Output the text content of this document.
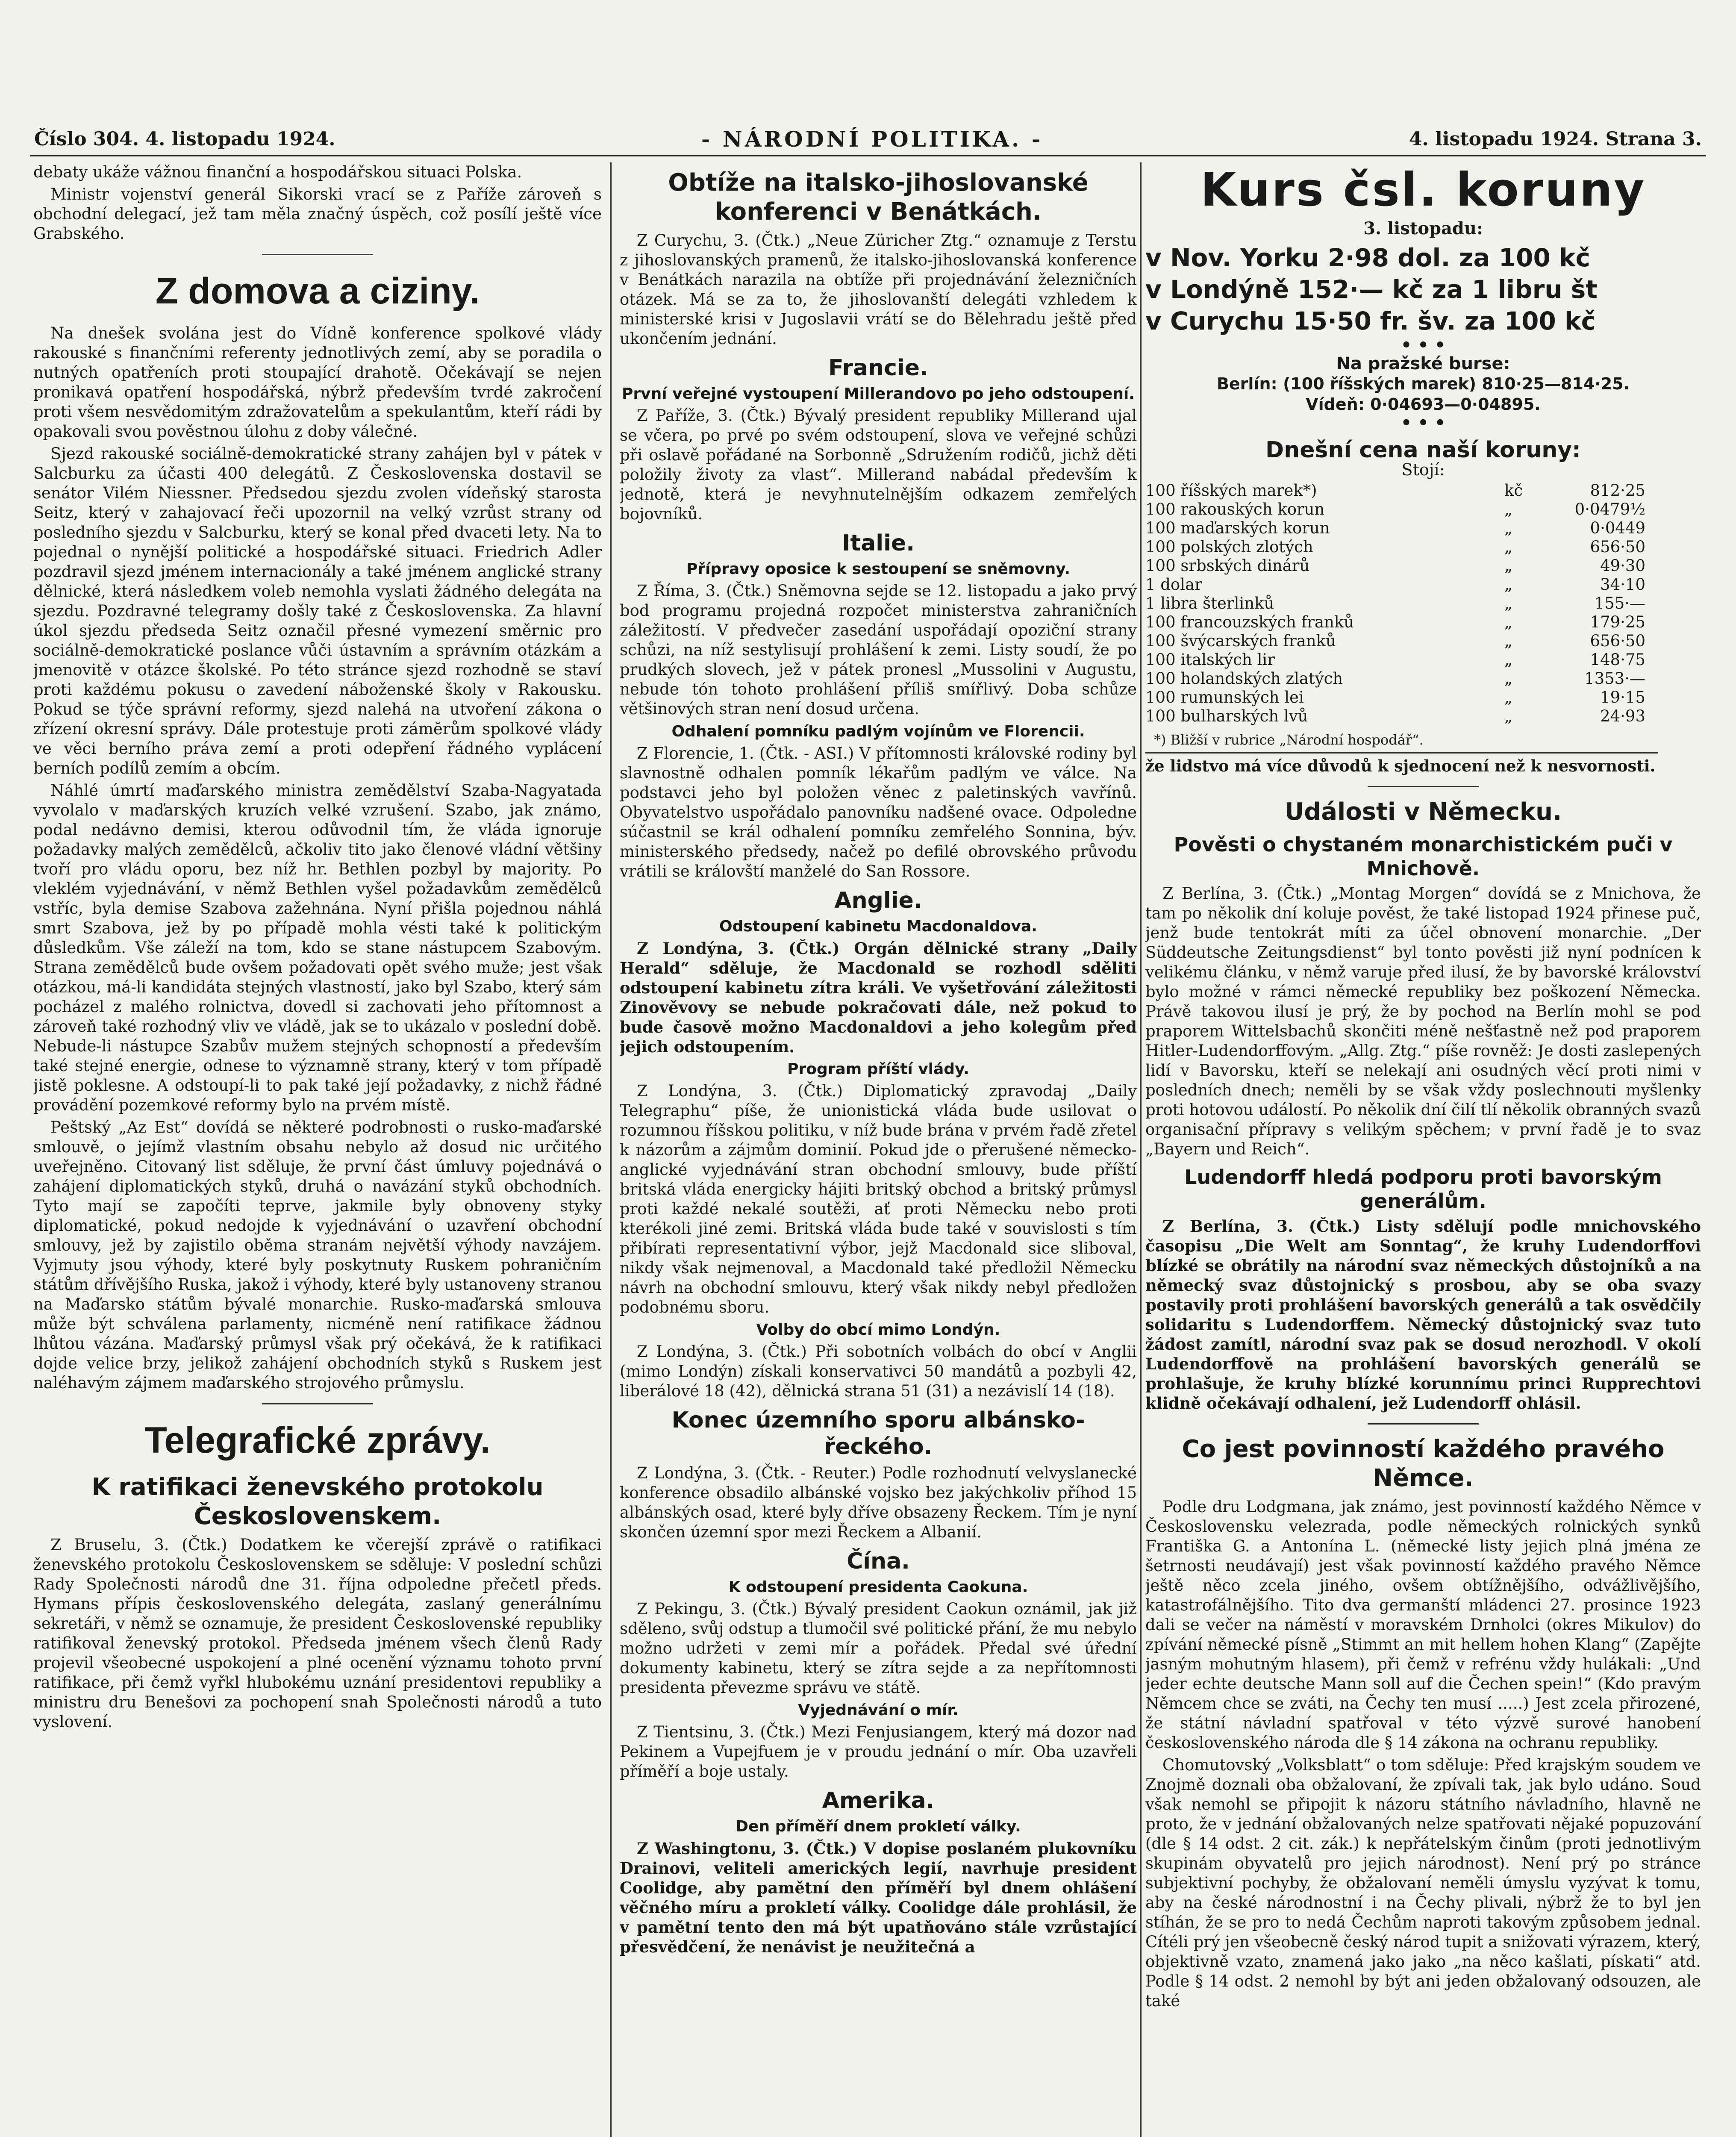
Číslo 304. 4. listopadu 1924.	- NÁRODNÍ POLITIKA. -	4. listopadu 1924. Strana 3.

debaty ukáže vážnou finanční a hospodářskou situaci Polska.

Ministr vojenství generál Sikorski vrací se z Paříže zároveň s obchodní delegací, jež tam měla značný úspěch, což posílí ještě více Grabského.

Z domova a ciziny.

Na dnešek svolána jest do Vídně konference spolkové vlády rakouské s finančními referenty jednotlivých zemí, aby se poradila o nutných opatřeních proti stoupající drahotě. Očekávají se nejen pronikavá opatření hospodářská, nýbrž především tvrdé zakročení proti všem nesvědomitým zdražovatelům a spekulantům, kteří rádi by opakovali svou pověstnou úlohu z doby válečné.

Sjezd rakouské sociálně-demokratické strany zahájen byl v pátek v Salcburku za účasti 400 delegátů. Z Československa dostavil se senátor Vilém Niessner. Předsedou sjezdu zvolen vídeňský starosta Seitz, který v zahajovací řeči upozornil na velký vzrůst strany od posledního sjezdu v Salcburku, který se konal před dvaceti lety. Na to pojednal o nynější politické a hospodářské situaci. Friedrich Adler pozdravil sjezd jménem internacionály a také jménem anglické strany dělnické, která následkem voleb nemohla vyslati žádného delegáta na sjezdu. Pozdravné telegramy došly také z Československa. Za hlavní úkol sjezdu předseda Seitz označil přesné vymezení směrnic pro sociálně-demokratické poslance vůči ústavním a správním otázkám a jmenovitě v otázce školské. Po této stránce sjezd rozhodně se staví proti každému pokusu o zavedení náboženské školy v Rakousku. Pokud se týče správní reformy, sjezd nalehá na utvoření zákona o zřízení okresní správy. Dále protestuje proti zámĕrům spolkové vlády ve věci berního práva zemí a proti odepření řádného vyplácení berních podílů zemím a obcím.

Náhlé úmrtí maďarského ministra zemědělství Szaba-Nagyatada vyvolalo v maďarských kruzích velké vzrušení. Szabo, jak známo, podal nedávno demisi, kterou odůvodnil tím, že vláda ignoruje požadavky malých zemědělců, ačkoliv tito jako členové vládní většiny tvoří pro vládu oporu, bez níž hr. Bethlen pozbyl by majority. Po vleklém vyjednávání, v němž Bethlen vyšel požadavkům zemědělců vstříc, byla demise Szabova zažehnána. Nyní přišla pojednou náhlá smrt Szabova, jež by po případě mohla vésti také k politickým důsledkům. Vše záleží na tom, kdo se stane nástupcem Szabovým. Strana zemědělců bude ovšem požadovati opět svého muže; jest však otázkou, má-li kandidáta stejných vlastností, jako byl Szabo, který sám pocházel z malého rolnictva, dovedl si zachovati jeho přítomnost a zároveň také rozhodný vliv ve vládě, jak se to ukázalo v poslední době. Nebude-li nástupce Szabův mužem stejných schopností a především také stejné energie, odnese to významně strany, který v tom případě jistě poklesne. A odstoupí-li to pak také její požadavky, z nichž řádné provádění pozemkové reformy bylo na prvém místě.

Peštský „Az Est“ dovídá se některé podrobnosti o rusko-maďarské smlouvě, o jejímž vlastním obsahu nebylo až dosud nic určitého uveřejněno. Citovaný list sděluje, že první část úmluvy pojednává o zahájení diplomatických styků, druhá o navázání styků obchodních. Tyto mají se započíti teprve, jakmile byly obnoveny styky diplomatické, pokud nedojde k vyjednávání o uzavření obchodní smlouvy, jež by zajistilo oběma stranám největší výhody navzájem. Vyjmuty jsou výhody, které byly poskytnuty Ruskem pohraničním státům dřívějšího Ruska, jakož i výhody, které byly ustanoveny stranou na Maďarsko státům bývalé monarchie. Rusko-maďarská smlouva může být schválena parlamenty, nicméně není ratifikace žádnou lhůtou vázána. Maďarský průmysl však prý očekává, že k ratifikaci dojde velice brzy, jelikož zahájení obchodních styků s Ruskem jest naléhavým zájmem maďarského strojového průmyslu.

Telegrafické zprávy.
K ratifikaci ženevského protokolu Československem.

Z Bruselu, 3. (Čtk.) Dodatkem ke včerejší zprávě o ratifikaci ženevského protokolu Československem se sděluje: V poslední schůzi Rady Společnosti národů dne 31. října odpoledne přečetl předs. Hymans přípis československého delegáta, zaslaný generálnímu sekretáři, v němž se oznamuje, že president Československé republiky ratifikoval ženevský protokol. Předseda jménem všech členů Rady projevil všeobecné uspokojení a plné ocenění významu tohoto první ratifikace, při čemž vyřkl hlubokému uznání presidentovi republiky a ministru dru Benešovi za pochopení snah Společnosti národů a tuto vyslovení.

Obtíže na italsko-jihoslovanské konferenci v Benátkách.

Z Curychu, 3. (Čtk.) „Neue Züricher Ztg.“ oznamuje z Terstu z jihoslovanských pramenů, že italsko-jihoslovanská konference v Benátkách narazila na obtíže při projednávání železničních otázek. Má se za to, že jihoslovanští delegáti vzhledem k ministerské krisi v Jugoslavii vrátí se do Bělehradu ještě před ukončením jednání.

Francie.
První veřejné vystoupení Millerandovo po jeho odstoupení.

Z Paříže, 3. (Čtk.) Bývalý president republiky Millerand ujal se včera, po prvé po svém odstoupení, slova ve veřejné schůzi při oslavě pořádané na Sorbonně „Sdružením rodičů, jichž děti položily životy za vlast“. Millerand nabádal především k jednotě, která je nevyhnutelnějším odkazem zemřelých bojovníků.

Italie.
Přípravy oposice k sestoupení se sněmovny.

Z Říma, 3. (Čtk.) Sněmovna sejde se 12. listopadu a jako prvý bod programu projedná rozpočet ministerstva zahraničních záležitostí. V předvečer zasedání uspořádají opoziční strany schůzi, na níž sestylisují prohlášení k zemi. Listy soudí, že po prudkých slovech, jež v pátek pronesl „Mussolini v Augustu, nebude tón tohoto prohlášení příliš smířlivý. Doba schůze většinových stran není dosud určena.

Odhalení pomníku padlým vojínům ve Florencii.

Z Florencie, 1. (Čtk. - ASI.) V přítomnosti královské rodiny byl slavnostně odhalen pomník lékařům padlým ve válce. Na podstavci jeho byl položen věnec z paletinských vavřínů. Obyvatelstvo uspořádalo panovníku nadšené ovace. Odpoledne súčastnil se král odhalení pomníku zemřelého Sonnina, býv. ministerského předsedy, načež po defilé obrovského průvodu vrátili se královští manželé do San Rossore.

Anglie.
Odstoupení kabinetu Macdonaldova.

Z Londýna, 3. (Čtk.) Orgán dělnické strany „Daily Herald“ sděluje, že Macdonald se rozhodl sděliti odstoupení kabinetu zítra králi. Ve vyšetřování záležitosti Zinověvovy se nebude pokračovati dále, než pokud to bude časově možno Macdonaldovi a jeho kolegům před jejich odstoupením.

Program příští vlády.

Z Londýna, 3. (Čtk.) Diplomatický zpravodaj „Daily Telegraphu“ píše, že unionistická vláda bude usilovat o rozumnou říšskou politiku, v níž bude brána v prvém řadě zřetel k názorům a zájmům dominií. Pokud jde o přerušené německo-anglické vyjednávání stran obchodní smlouvy, bude příští britská vláda energicky hájiti britský obchod a britský průmysl proti každé nekalé soutěži, ať proti Německu nebo proti kterékoli jiné zemi. Britská vláda bude také v souvislosti s tím přibírati representativní výbor, jejž Macdonald sice sliboval, nikdy však nejmenoval, a Macdonald také předložil Německu návrh na obchodní smlouvu, který však nikdy nebyl předložen podobnému sboru.

Volby do obcí mimo Londýn.

Z Londýna, 3. (Čtk.) Při sobotních volbách do obcí v Anglii (mimo Londýn) získali konservativci 50 mandátů a pozbyli 42, liberálové 18 (42), dělnická strana 51 (31) a nezávislí 14 (18).

Konec územního sporu albánsko-řeckého.

Z Londýna, 3. (Čtk. - Reuter.) Podle rozhodnutí velvyslanecké konference obsadilo albánské vojsko bez jakýchkoliv příhod 15 albánských osad, které byly dříve obsazeny Řeckem. Tím je nyní skončen územní spor mezi Řeckem a Albanií.

Čína.
K odstoupení presidenta Caokuna.

Z Pekingu, 3. (Čtk.) Bývalý president Caokun oznámil, jak již sděleno, svůj odstup a tlumočil své politické přání, že mu nebylo možno udržeti v zemi mír a pořádek. Předal své úřední dokumenty kabinetu, který se zítra sejde a za nepřítomnosti presidenta převezme správu ve státě.

Vyjednávání o mír.

Z Tientsinu, 3. (Čtk.) Mezi Fenjusiangem, který má dozor nad Pekinem a Vupejfuem je v proudu jednání o mír. Oba uzavřeli příměří a boje ustaly.

Amerika.
Den příměří dnem prokletí války.

Z Washingtonu, 3. (Čtk.) V dopise poslaném plukovníku Drainovi, veliteli amerických legií, navrhuje president Coolidge, aby pamětní den příměří byl dnem ohlášení věčného míru a prokletí války. Coolidge dále prohlásil, že v pamětní tento den má být upatňováno stále vzrůstající přesvědčení, že nenávist je neužitečná a

Kurs čsl. koruny
3. listopadu:
v Nov. Yorku 2·98 dol. za 100 kč
v Londýně 152·— kč za 1 libru št
v Curychu 15·50 fr. šv. za 100 kč
• • •
Na pražské burse:
Berlín: (100 říšských marek) 810·25—814·25.
Vídeň: 0·04693—0·04895.
• • •
Dnešní cena naší koruny:
Stojí:
100 říšských marek*)	kč	812·25
100 rakouských korun	„	0·0479½
100 maďarských korun	„	0·0449
100 polských zlotých	„	656·50
100 srbských dinárů	„	49·30
1 dolar	„	34·10
1 libra šterlinků	„	155·—
100 francouzských franků	„	179·25
100 švýcarských franků	„	656·50
100 italských lir	„	148·75
100 holandských zlatých	„	1353·—
100 rumunských lei	„	19·15
100 bulharských lvů	„	24·93
*) Bližší v rubrice „Národní hospodář“.

že lidstvo má více důvodů k sjednocení než k nesvornosti.

Události v Německu.
Pověsti o chystaném monarchistickém puči v Mnichově.

Z Berlína, 3. (Čtk.) „Montag Morgen“ dovídá se z Mnichova, že tam po několik dní koluje pověst, že také listopad 1924 přinese puč, jenž bude tentokrát míti za účel obnovení monarchie. „Der Süddeutsche Zeitungsdienst“ byl tonto pověsti již nyní podnícen k velikému článku, v němž varuje před ilusí, že by bavorské království bylo možné v rámci německé republiky bez poškození Německa. Právě takovou ilusí je prý, že by pochod na Berlín mohl se pod praporem Wittelsbachů skončiti méně nešťastně než pod praporem Hitler-Ludendorffovým. „Allg. Ztg.“ píše rovněž: Je dosti zaslepených lidí v Bavorsku, kteří se nelekají ani osudných věcí proti nimi v posledních dnech; neměli by se však vždy poslechnouti myšlenky proti hotovou událostí. Po několik dní čilí tlí několik obranných svazů organisační přípravy s velikým spěchem; v první řadě je to svaz „Bayern und Reich“.

Ludendorff hledá podporu proti bavorským generálům.

Z Berlína, 3. (Čtk.) Listy sdělují podle mnichovského časopisu „Die Welt am Sonntag“, že kruhy Ludendorffovi blízké se obrátily na národní svaz německých důstojníků a na německý svaz důstojnický s prosbou, aby se oba svazy postavily proti prohlášení bavorských generálů a tak osvědčily solidaritu s Ludendorffem. Německý důstojnický svaz tuto žádost zamítl, národní svaz pak se dosud nerozhodl. V okolí Ludendorffově na prohlášení bavorských generálů se prohlašuje, že kruhy blízké korunnímu princi Rupprechtovi klidně očekávají odhalení, jež Ludendorff ohlásil.

Co jest povinností každého pravého Němce.

Podle dru Lodgmana, jak známo, jest povinností každého Němce v Československu velezrada, podle německých rolnických synků Františka G. a Antonína L. (německé listy jejich plná jména ze šetrnosti neudávají) jest však povinností každého pravého Němce ještě něco zcela jiného, ovšem obtížnějšího, odvážlivějšího, katastrofálnějšího. Tito dva germanští mládenci 27. prosince 1923 dali se večer na náměstí v moravském Drnholci (okres Mikulov) do zpívání německé písně „Stimmt an mit hellem hohen Klang“ (Zapějte jasným mohutným hlasem), při čemž v refrénu vždy hulákali: „Und jeder echte deutsche Mann soll auf die Čechen spein!“ (Kdo pravým Němcem chce se zváti, na Čechy ten musí .....) Jest zcela přirozené, že státní návladní spatřoval v této výzvě surové hanobení československého národa dle § 14 zákona na ochranu republiky.

Chomutovský „Volksblatt“ o tom sděluje: Před krajským soudem ve Znojmě doznali oba obžalovaní, že zpívali tak, jak bylo udáno. Soud však nemohl se připojit k názoru státního návladního, hlavně ne proto, že v jednání obžalovaných nelze spatřovati nějaké popuzování (dle § 14 odst. 2 cit. zák.) k nepřátelským činům (proti jednotlivým skupinám obyvatelů pro jejich národnost). Není prý po stránce subjektivní pochyby, že obžalovaní neměli úmyslu vyzývat k tomu, aby na české národnostní i na Čechy plivali, nýbrž že to byl jen stíhán, že se pro to nedá Čechům naproti takovým způsobem jednal. Cítéli prý jen všeobecně český národ tupit a snižovati výrazem, který, objektivně vzato, znamená jako jako „na něco kašlati, pískati“ atd. Podle § 14 odst. 2 nemohl by být ani jeden obžalovaný odsouzen, ale také
